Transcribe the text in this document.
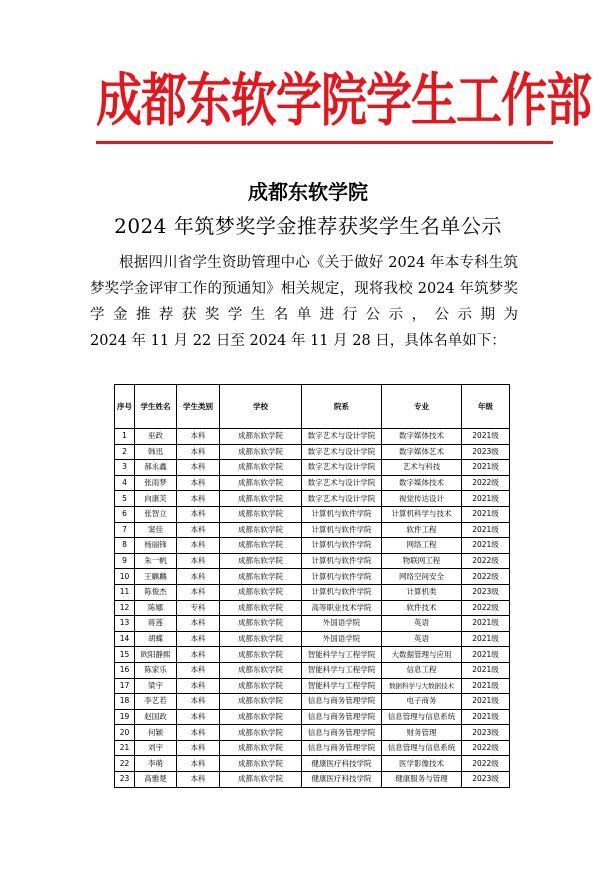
成都东软学院学生工作部
成都东软学院
2024 年筑梦奖学金推荐获奖学生名单公示

根据四川省学生资助管理中心《关于做好 2024 年本专科生筑梦奖学金评审工作的预通知》相关规定，现将我校 2024 年筑梦奖学金推荐获奖学生名单进行公示，公示期为

2024 年 11 月 22 日至 2024 年 11 月 28 日，具体名单如下：

序号	学生姓名	学生类别	学校	院系	专业	年级
1	巫政	本科	成都东软学院	数字艺术与设计学院	数字媒体技术	2021级
2	韩迅	本科	成都东软学院	数字艺术与设计学院	数字媒体艺术	2023级
3	郝永鑫	本科	成都东软学院	数字艺术与设计学院	艺术与科技	2021级
4	张雨梦	本科	成都东软学院	数字艺术与设计学院	数字媒体技术	2022级
5	向康芙	本科	成都东软学院	数字艺术与设计学院	视觉传达设计	2021级
6	张智立	本科	成都东软学院	计算机与软件学院	计算机科学与技术	2021级
7	窦佳	本科	成都东软学院	计算机与软件学院	软件工程	2021级
8	杨丽锋	本科	成都东软学院	计算机与软件学院	网络工程	2021级
9	朱一帆	本科	成都东软学院	计算机与软件学院	物联网工程	2022级
10	王麒麟	本科	成都东软学院	计算机与软件学院	网络空间安全	2022级
11	陈俊杰	本科	成都东软学院	计算机与软件学院	计算机类	2023级
12	陈娜	专科	成都东软学院	高等职业技术学院	软件技术	2022级
13	蒋莲	本科	成都东软学院	外国语学院	英语	2021级
14	胡蝶	本科	成都东软学院	外国语学院	英语	2021级
15	欧阳静熙	本科	成都东软学院	智能科学与工程学院	大数据管理与应用	2021级
16	陈家乐	本科	成都东软学院	智能科学与工程学院	信息工程	2021级
17	梁宇	本科	成都东软学院	智能科学与工程学院	数据科学与大数据技术	2021级
18	李艺若	本科	成都东软学院	信息与商务管理学院	电子商务	2021级
19	赵国政	本科	成都东软学院	信息与商务管理学院	信息管理与信息系统	2021级
20	何颖	本科	成都东软学院	信息与商务管理学院	财务管理	2023级
21	刘宇	本科	成都东软学院	信息与商务管理学院	信息管理与信息系统	2022级
22	李萌	本科	成都东软学院	健康医疗科技学院	医学影像技术	2022级
23	高雅楚	本科	成都东软学院	健康医疗科技学院	健康服务与管理	2023级
